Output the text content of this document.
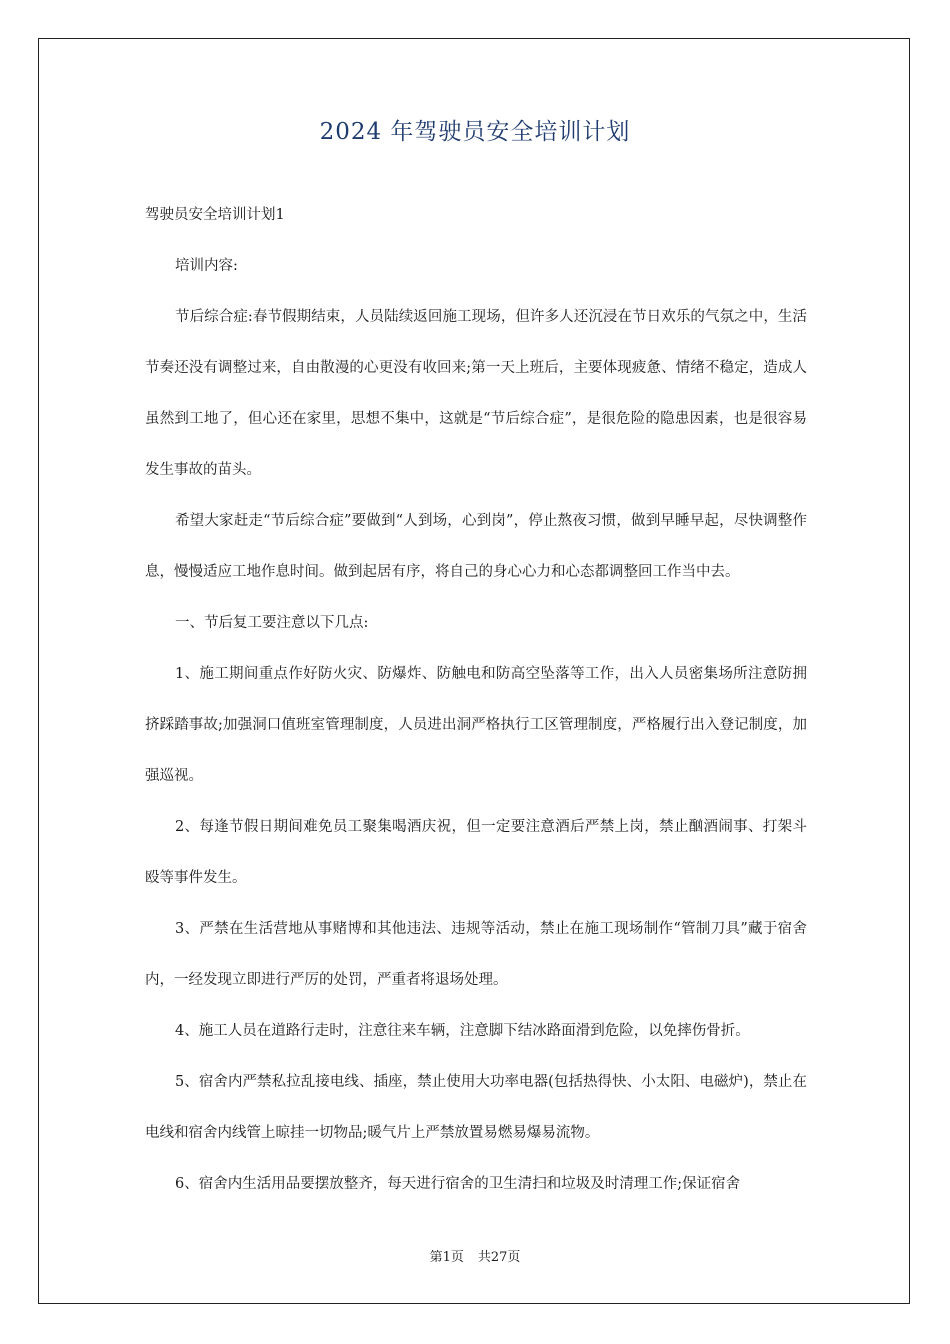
2024 年驾驶员安全培训计划

驾驶员安全培训计划1

培训内容:

节后综合症:春节假期结束，人员陆续返回施工现场，但许多人还沉浸在节日欢乐的气氛之中，生活节奏还没有调整过来，自由散漫的心更没有收回来;第一天上班后，主要体现疲惫、情绪不稳定，造成人虽然到工地了，但心还在家里，思想不集中，这就是“节后综合症”，是很危险的隐患因素，也是很容易发生事故的苗头。

希望大家赶走“节后综合症”要做到“人到场，心到岗”，停止熬夜习惯，做到早睡早起，尽快调整作息，慢慢适应工地作息时间。做到起居有序，将自己的身心心力和心态都调整回工作当中去。

一、节后复工要注意以下几点:

1、施工期间重点作好防火灾、防爆炸、防触电和防高空坠落等工作，出入人员密集场所注意防拥挤踩踏事故;加强洞口值班室管理制度，人员进出洞严格执行工区管理制度，严格履行出入登记制度，加强巡视。

2、每逢节假日期间难免员工聚集喝酒庆祝，但一定要注意酒后严禁上岗，禁止酗酒闹事、打架斗殴等事件发生。

3、严禁在生活营地从事赌博和其他违法、违规等活动，禁止在施工现场制作“管制刀具”藏于宿舍内，一经发现立即进行严厉的处罚，严重者将退场处理。

4、施工人员在道路行走时，注意往来车辆，注意脚下结冰路面滑到危险，以免摔伤骨折。

5、宿舍内严禁私拉乱接电线、插座，禁止使用大功率电器(包括热得快、小太阳、电磁炉)，禁止在电线和宿舍内线管上晾挂一切物品;暖气片上严禁放置易燃易爆易流物。

6、宿舍内生活用品要摆放整齐，每天进行宿舍的卫生清扫和垃圾及时清理工作;保证宿舍

第1页 共27页
